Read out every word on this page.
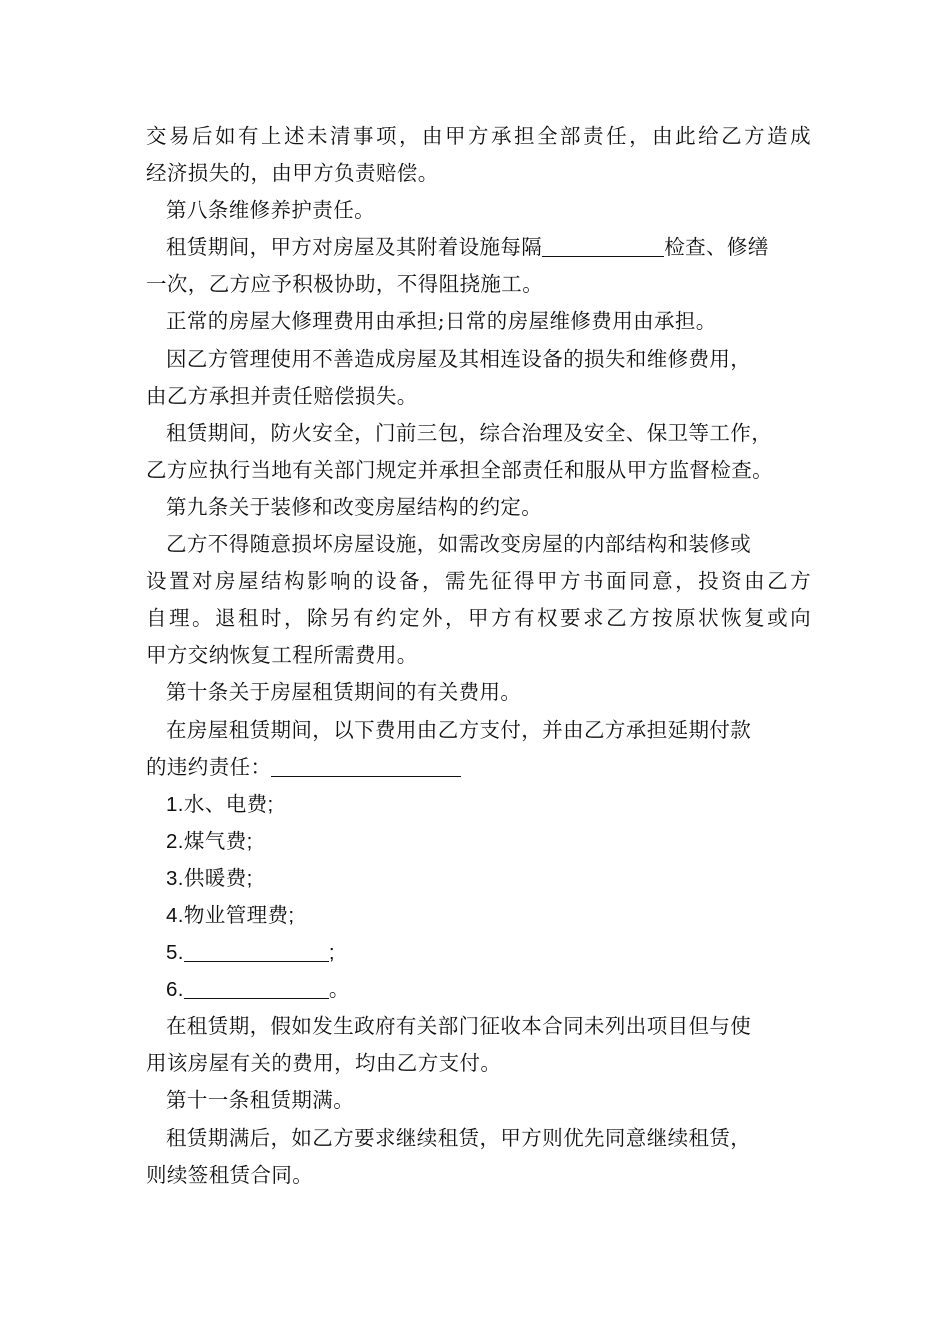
交易后如有上述未清事项，由甲方承担全部责任，由此给乙方造成
经济损失的，由甲方负责赔偿。
第八条维修养护责任。
租赁期间，甲方对房屋及其附着设施每隔	检查、修缮
一次，乙方应予积极协助，不得阻挠施工。
正常的房屋大修理费用由承担;日常的房屋维修费用由承担。
因乙方管理使用不善造成房屋及其相连设备的损失和维修费用，
由乙方承担并责任赔偿损失。
租赁期间，防火安全，门前三包，综合治理及安全、保卫等工作，
乙方应执行当地有关部门规定并承担全部责任和服从甲方监督检查。
第九条关于装修和改变房屋结构的约定。
乙方不得随意损坏房屋设施，如需改变房屋的内部结构和装修或
设置对房屋结构影响的设备，需先征得甲方书面同意，投资由乙方
自理。退租时，除另有约定外，甲方有权要求乙方按原状恢复或向
甲方交纳恢复工程所需费用。
第十条关于房屋租赁期间的有关费用。
在房屋租赁期间，以下费用由乙方支付，并由乙方承担延期付款
的违约责任：
1.水、电费;
2.煤气费;
3.供暖费;
4.物业管理费;
5.	;
6.	。
在租赁期，假如发生政府有关部门征收本合同未列出项目但与使
用该房屋有关的费用，均由乙方支付。
第十一条租赁期满。
租赁期满后，如乙方要求继续租赁，甲方则优先同意继续租赁，
则续签租赁合同。
